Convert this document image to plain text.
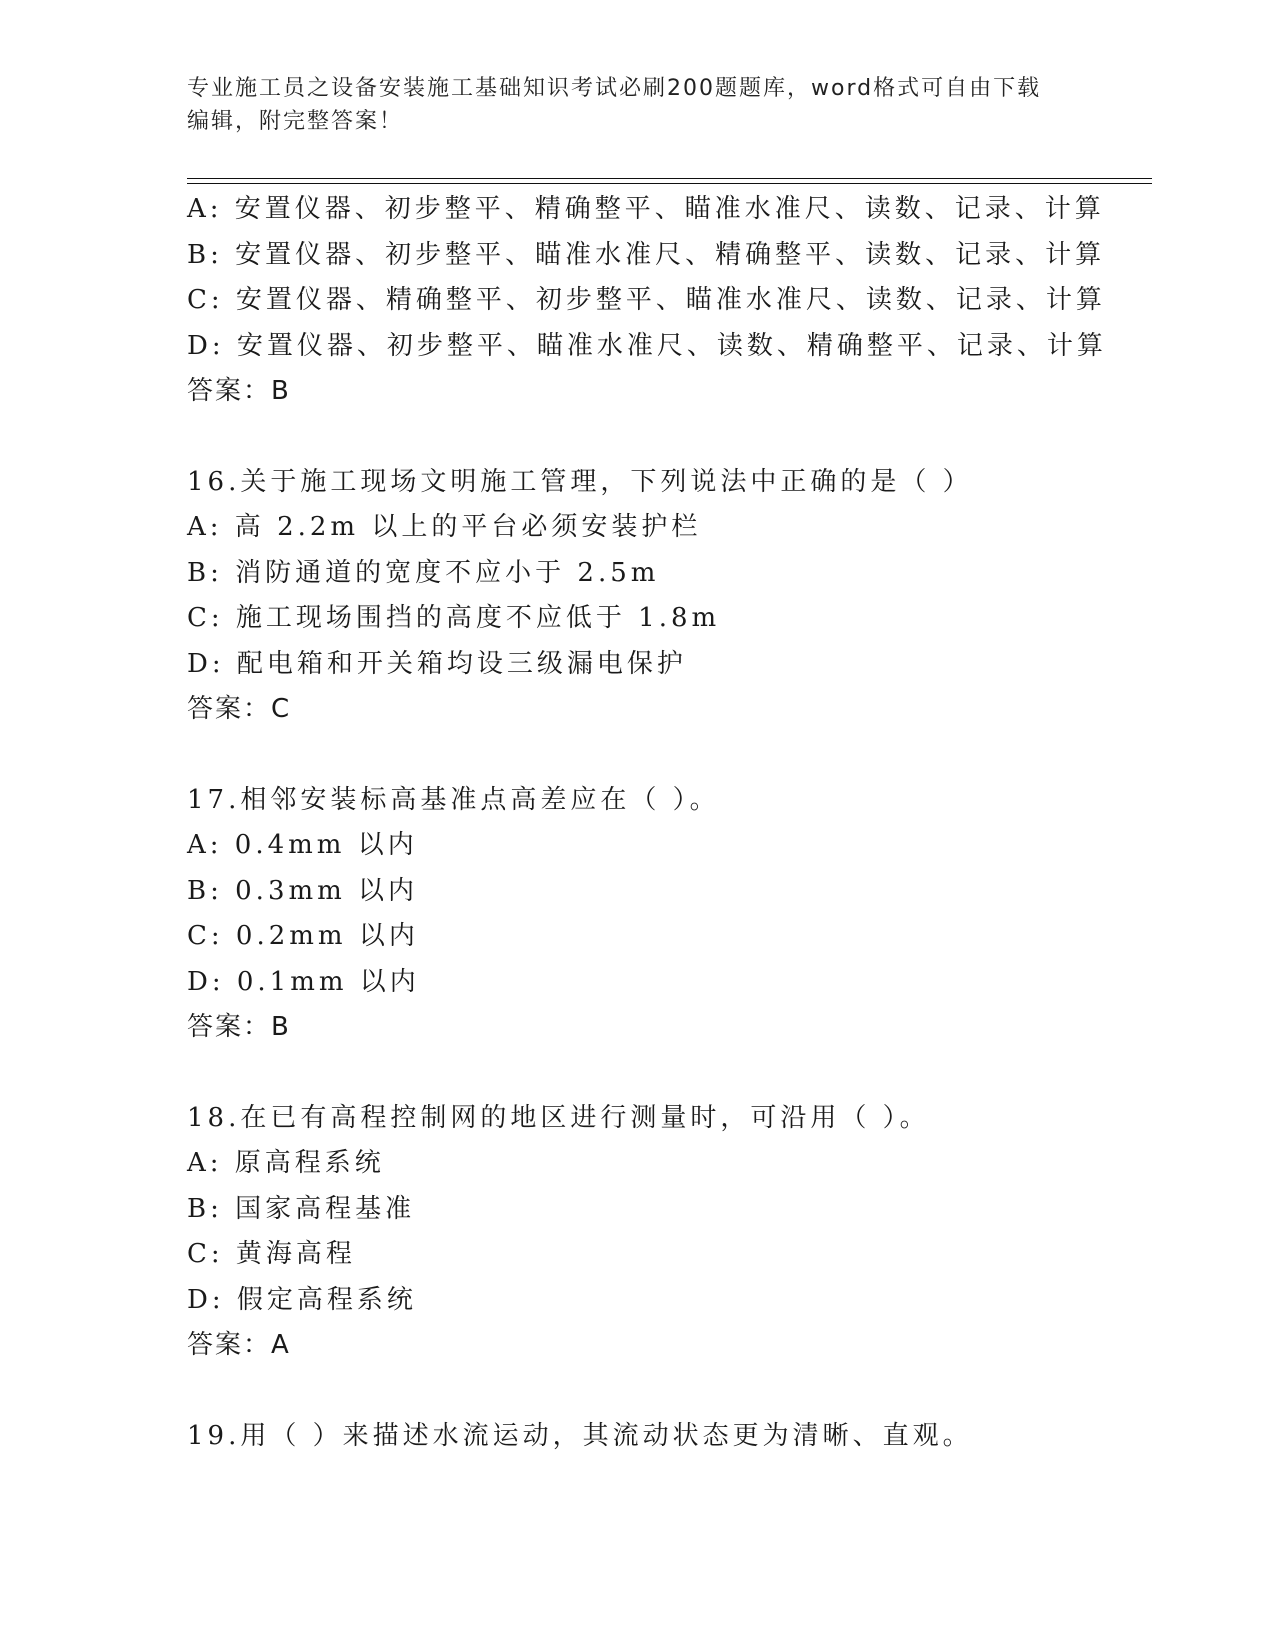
专业施工员之设备安装施工基础知识考试必刷200题题库，word格式可自由下载
编辑，附完整答案！
A: 安置仪器、初步整平、精确整平、瞄准水准尺、读数、记录、计算
B: 安置仪器、初步整平、瞄准水准尺、精确整平、读数、记录、计算
C: 安置仪器、精确整平、初步整平、瞄准水准尺、读数、记录、计算
D: 安置仪器、初步整平、瞄准水准尺、读数、精确整平、记录、计算
答案：B
16.关于施工现场文明施工管理，下列说法中正确的是（ ）
A: 高 2.2m 以上的平台必须安装护栏
B: 消防通道的宽度不应小于 2.5m
C: 施工现场围挡的高度不应低于 1.8m
D: 配电箱和开关箱均设三级漏电保护
答案：C
17.相邻安装标高基准点高差应在（ ）。
A: 0.4mm 以内
B: 0.3mm 以内
C: 0.2mm 以内
D: 0.1mm 以内
答案：B
18.在已有高程控制网的地区进行测量时，可沿用（ ）。
A: 原高程系统
B: 国家高程基准
C: 黄海高程
D: 假定高程系统
答案：A
19.用（ ）来描述水流运动，其流动状态更为清晰、直观。
